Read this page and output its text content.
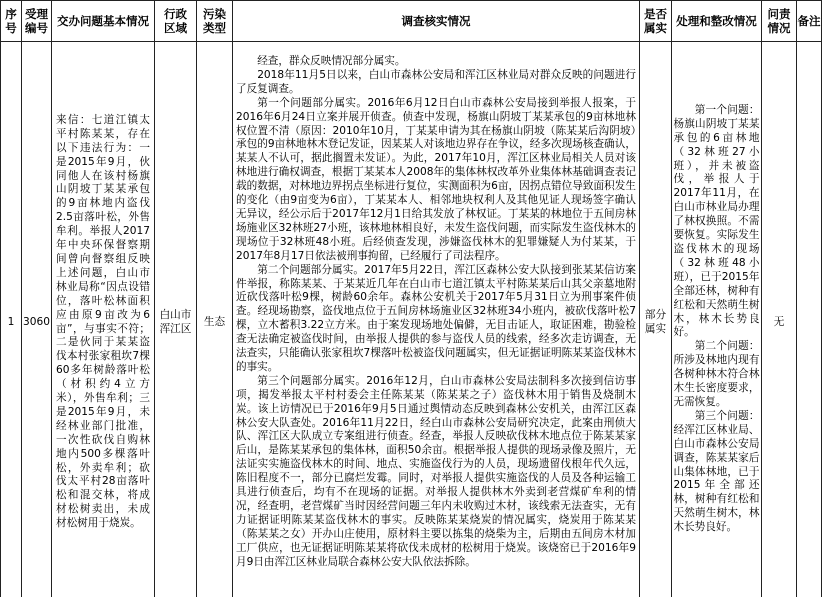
序号
受理编号 交办问题基本情况 行政区域
污染类型	调查核实情况	是否属实 处理和整改情况 问责情况 备注
1 3060
来信：七道江镇太平村陈某某，存在以下违法行为：一是2015年9月，伙同他人在该村杨旗山阴坡丁某某承包的9亩林地内盗伐2.5亩落叶松，外售牟利。举报人2017年中央环保督察期间曾向督察组反映上述问题，白山市林业局称“因点设错位，落叶松林面积应由原9亩改为6亩”，与事实不符；二是伙同于某某盗伐本村张家租坎7棵60多年树龄落叶松（材积约4立方米），外售牟利；三是2015年9月，未经林业部门批准，一次性砍伐自购林地内500多棵落叶松，外卖牟利；砍伐太平村28亩落叶松和混交林，将成材松树卖出，未成材松树用于烧炭。
白山市浑江区
生态

经查，群众反映情况部分属实。

2018年11月5日以来，白山市森林公安局和浑江区林业局对群众反映的问题进行了反复调查。

第一个问题部分属实。2016年6月12日白山市森林公安局接到举报人报案，于2016年6月24日立案并展开侦查。侦查中发现，杨旗山阴坡丁某某承包的9亩林地林权位置不清（原因：2010年10月，丁某某申请为其在杨旗山阴坡（陈某某后沟阴坡）承包的9亩林地林木登记发证，因某某人对该地边界存在争议，经多次现场核查确认，某某人不认可，据此搁置未发证）。为此，2017年10月，浑江区林业局相关人员对该林地进行确权调查，根据丁某某本人2008年的集体林权改革外业集体林基础调查表记载的数据，对林地边界拐点坐标进行复位，实测面积为6亩，因拐点错位导致面积发生的变化（由9亩变为6亩），丁某某本人、相邻地块权利人及其他见证人现场签字确认无异议，经公示后于2017年12月1日给其发放了林权证。丁某某的林地位于五间房林场施业区32林班27小班，该林地林相良好，未发生盗伐问题，而实际发生盗伐林木的现场位于32林班48小班。后经侦查发现，涉嫌盗伐林木的犯罪嫌疑人为付某某，于2017年8月17日依法被刑事拘留，已经履行了司法程序。

第二个问题部分属实。2017年5月22日，浑江区森林公安大队接到张某某信访案件举报，称陈某某、于某某近几年在白山市七道江镇太平村陈某某后山其父亲墓地附近砍伐落叶松9棵，树龄60余年。森林公安机关于2017年5月31日立为刑事案件侦查。经现场勘察，盗伐地点位于五间房林场施业区32林班34小班内，被砍伐落叶松7棵，立木蓄积3.22立方米。由于案发现场地处偏僻，无目击证人，取证困难，勘验检查无法确定被盗伐时间，由举报人提供的参与盗伐人员的线索，经多次走访调查，无法查实，只能确认张家租坎7棵落叶松被盗伐问题属实，但无证据证明陈某某盗伐林木的事实。

第三个问题部分属实。2016年12月，白山市森林公安局法制科多次接到信访事项，揭发举报太平村村委会主任陈某某（陈某某之子）盗伐林木用于销售及烧制木炭。该上访情况已于2016年9月5日通过舆情动态反映到森林公安机关，由浑江区森林公安大队查处。2016年11月22日，经白山市森林公安局研究决定，此案由刑侦大队、浑江区大队成立专案组进行侦查。经查，举报人反映砍伐林木地点位于陈某某家后山，是陈某某承包的集体林，面积50余亩。根据举报人提供的现场录像及照片，无法证实实施盗伐林木的时间、地点、实施盗伐行为的人员，现场遗留伐根年代久远，陈旧程度不一，部分已腐烂发霉。同时，对举报人提供实施盗伐的人员及各种运输工具进行侦查后，均有不在现场的证据。对举报人提供林木外卖到老营煤矿牟利的情况，经查明，老营煤矿当时因经营问题三年内未收购过木材，该线索无法查实，无有力证据证明陈某某盗伐林木的事实。反映陈某某烧炭的情况属实，烧炭用于陈某某（陈某某之女）开办山庄使用，原材料主要以拣集的烧柴为主，后期由五间房木材加工厂供应，也无证据证明陈某某将砍伐未成材的松树用于烧炭。该烧窑已于2016年9月9日由浑江区林业局联合森林公安大队依法拆除。

部分属实

第一个问题：杨旗山阴坡丁某某承包的6亩林地（32林班27小班），并未被盗伐，举报人于2017年11月，在白山市林业局办理了林权换照。不需要恢复。实际发生盗伐林木的现场（32林班48小班），已于2015年全部还林，树种有红松和天然萌生树木，林木长势良好。

第二个问题：所涉及林地内现有各树种林木符合林木生长密度要求，无需恢复。

第三个问题：经浑江区林业局、白山市森林公安局调查，陈某某家后山集体林地，已于2015年全部还林，树种有红松和天然萌生树木，林木长势良好。

无
